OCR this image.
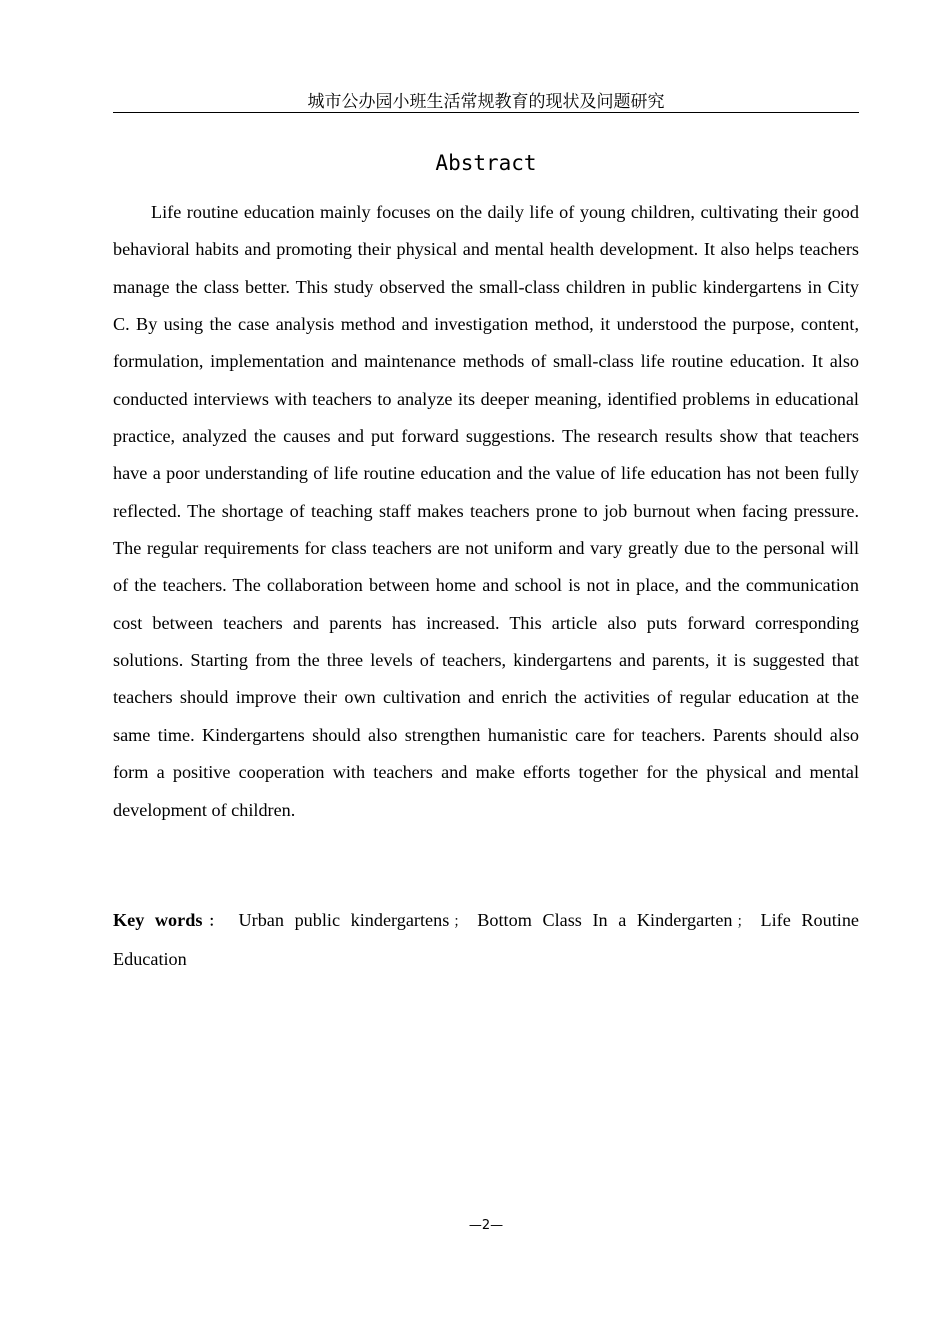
城市公办园小班生活常规教育的现状及问题研究
Abstract

Life routine education mainly focuses on the daily life of young children, cultivating their good behavioral habits and promoting their physical and mental health development. It also helps teachers manage the class better. This study observed the small-class children in public kindergartens in City C. By using the case analysis method and investigation method, it understood the purpose, content, formulation, implementation and maintenance methods of small-class life routine education. It also conducted interviews with teachers to analyze its deeper meaning, identified problems in educational practice, analyzed the causes and put forward suggestions. The research results show that teachers have a poor understanding of life routine education and the value of life education has not been fully reflected. The shortage of teaching staff makes teachers prone to job burnout when facing pressure. The regular requirements for class teachers are not uniform and vary greatly due to the personal will of the teachers. The collaboration between home and school is not in place, and the communication cost between teachers and parents has increased. This article also puts forward corresponding solutions. Starting from the three levels of teachers, kindergartens and parents, it is suggested that teachers should improve their own cultivation and enrich the activities of regular education at the same time. Kindergartens should also strengthen humanistic care for teachers. Parents should also form a positive cooperation with teachers and make efforts together for the physical and mental development of children.

Key words： Urban public kindergartens ； Bottom Class In a Kindergarten ； Life Routine Education

—2—
